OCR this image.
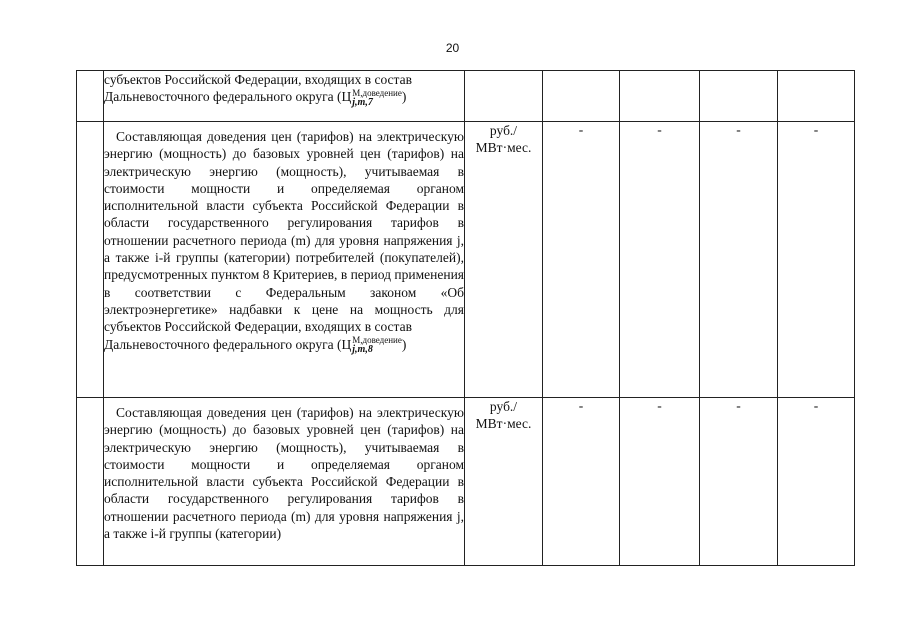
20

	субъектов Российской Федерации, входящих в состав

Дальневосточного федерального округа (Ц М,доведение
j,m,7 )					

	Составляющая доведения цен (тарифов) на электрическую энергию (мощность) до базовых уровней цен (тарифов) на электрическую энергию (мощность), учитываемая в стоимости мощности и определяемая органом исполнительной власти субъекта Российской Федерации в области государственного регулирования тарифов в отношении расчетного периода (m) для уровня напряжения j, а также i-й группы (категории) потребителей (покупателей), предусмотренных пунктом 8 Критериев, в период применения в соответствии с Федеральным законом «Об электроэнергетике» надбавки к цене на мощность для субъектов Российской Федерации, входящих в состав

Дальневосточного федерального округа (Ц М,доведение
j,m,8 )	руб./ МВт·мес.	-	-	-	-

	Составляющая доведения цен (тарифов) на электрическую энергию (мощность) до базовых уровней цен (тарифов) на электрическую энергию (мощность), учитываемая в стоимости мощности и определяемая органом исполнительной власти субъекта Российской Федерации в области государственного регулирования тарифов в отношении расчетного периода (m) для уровня напряжения j, а также i-й группы (категории)	руб./ МВт·мес.	-	-	-	-
